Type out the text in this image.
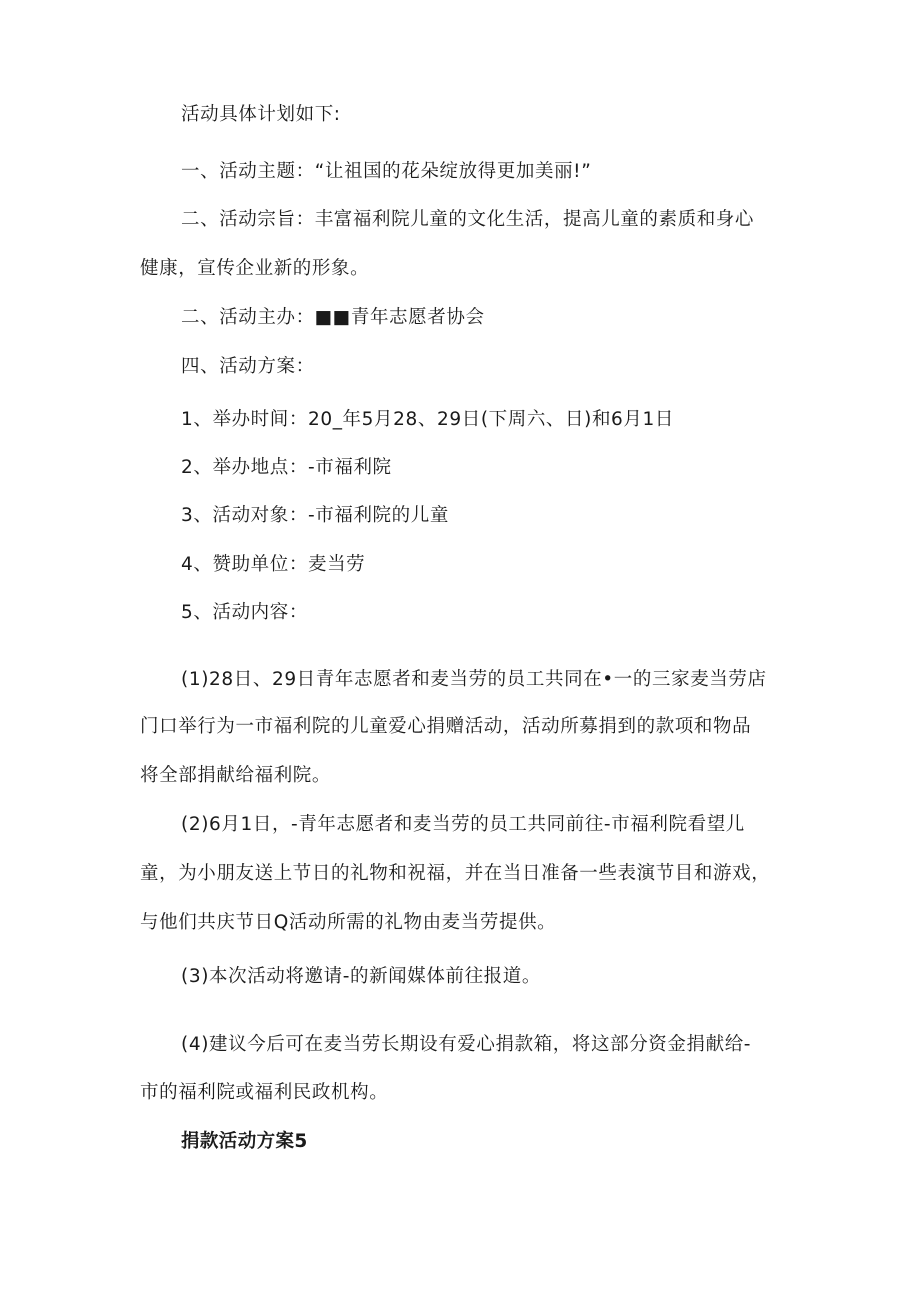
活动具体计划如下:
一、活动主题：“让祖国的花朵绽放得更加美丽!”
二、活动宗旨：丰富福利院儿童的文化生活，提高儿童的素质和身心
健康，宣传企业新的形象。
二、活动主办：■■青年志愿者协会
四、活动方案：
1、举办时间：20_年5月28、29日(下周六、日)和6月1日
2、举办地点：-市福利院
3、活动对象：-市福利院的儿童
4、赞助单位：麦当劳
5、活动内容：
(1)28日、29日青年志愿者和麦当劳的员工共同在•一的三家麦当劳店
门口举行为一市福利院的儿童爱心捐赠活动，活动所募捐到的款项和物品
将全部捐献给福利院。
(2)6月1日，-青年志愿者和麦当劳的员工共同前往-市福利院看望儿
童，为小朋友送上节日的礼物和祝福，并在当日准备一些表演节目和游戏，
与他们共庆节日Q活动所需的礼物由麦当劳提供。
(3)本次活动将邀请-的新闻媒体前往报道。
(4)建议今后可在麦当劳长期设有爱心捐款箱，将这部分资金捐献给-
市的福利院或福利民政机构。
捐款活动方案5
